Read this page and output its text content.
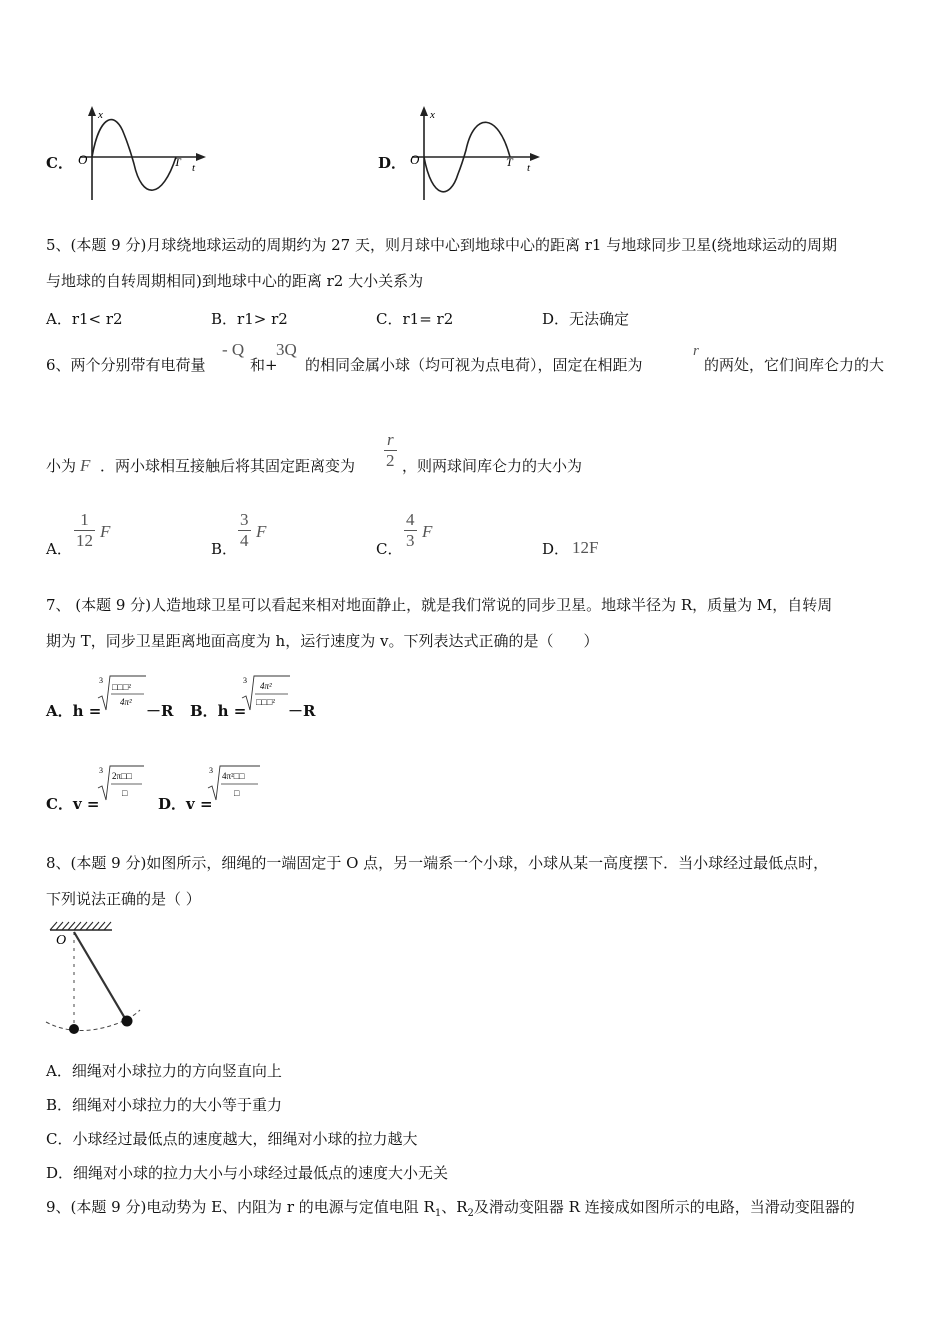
C．
x
O	T t	D．
x
O	T t
5、(本题 9 分)月球绕地球运动的周期约为 27 天，则月球中心到地球中心的距离 r1 与地球同步卫星(绕地球运动的周期
与地球的自转周期相同)到地球中心的距离 r2 大小关系为
A．r1< r2	B．r1> r2	C．r1= r2	D．无法确定
6、两个分别带有电荷量
- Q
和+
3Q
的相同金属小球（均可视为点电荷），固定在相距为
r
的两处，它们间库仑力的大
小为 F ．两小球相互接触后将其固定距离变为 $\frac{r}{2}$ ，则两球间库仑力的大小为
A． $\frac{1}{12}$ F
B． $\frac{3}{4}$ F
C． $\frac{4}{3}$ F
D． 12F
7、 (本题 9 分)人造地球卫星可以看起来相对地面静止，就是我们常说的同步卫星。地球半径为 R，质量为 M，自转周
期为 T，同步卫星距离地面高度为 h，运行速度为 v。下列表达式正确的是（　　）
A．h =
3
□□□²
4π² －R B．h =
3
4π²
□□□² －R
C．v =
3
2π□□
□
D．v =
3
4π²□□
□
8、(本题 9 分)如图所示，细绳的一端固定于 O 点，另一端系一个小球，小球从某一高度摆下．当小球经过最低点时，
下列说法正确的是（ ）
O
A．细绳对小球拉力的方向竖直向上
B．细绳对小球拉力的大小等于重力
C．小球经过最低点的速度越大，细绳对小球的拉力越大
D．细绳对小球的拉力大小与小球经过最低点的速度大小无关
9、(本题 9 分)电动势为 E、内阻为 r 的电源与定值电阻 $R_1$、$R_2$及滑动变阻器 R 连接成如图所示的电路，当滑动变阻器的
